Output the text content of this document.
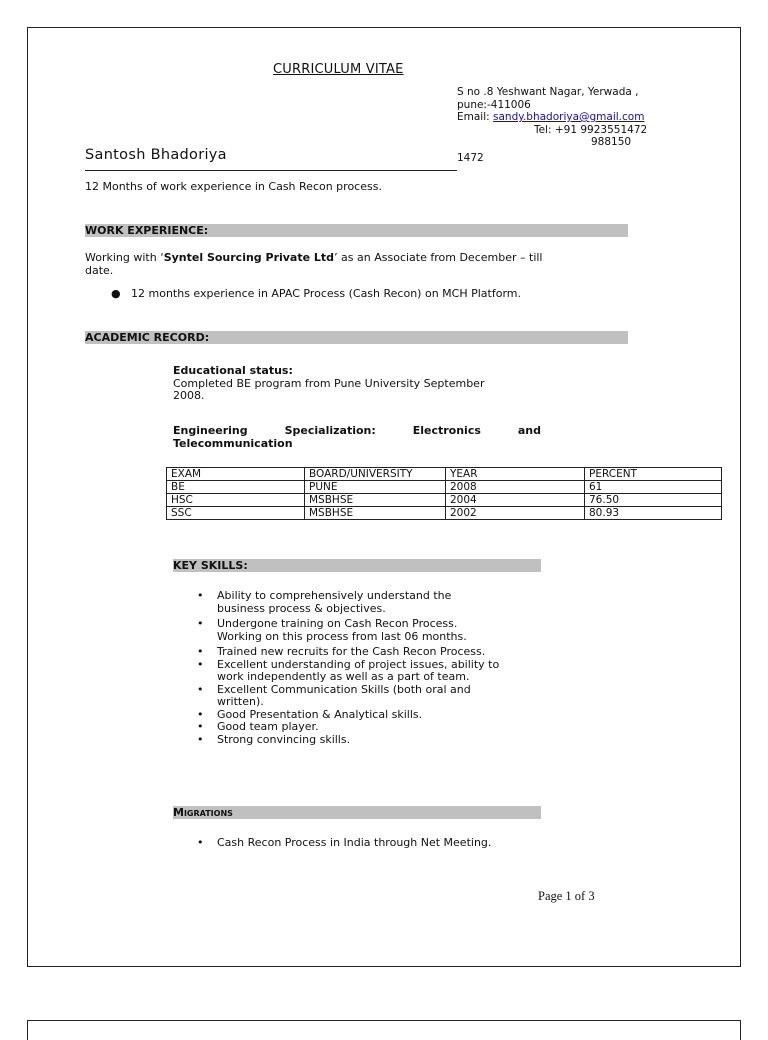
CURRICULUM VITAE
S no .8 Yeshwant Nagar, Yerwada ,
pune:-411006
Email: sandy.bhadoriya@gmail.com
Tel: +91 9923551472
988150
Santosh Bhadoriya	1472
12 Months of work experience in Cash Recon process.
WORK EXPERIENCE:
Working with ‘Syntel Sourcing Private Ltd’ as an Associate from December – till
date.
● 12 months experience in APAC Process (Cash Recon) on MCH Platform.
ACADEMIC RECORD:
Educational status:
Completed BE program from Pune University September
2008.
Engineering	Specialization:	Electronics	and
Telecommunication
EXAM	BOARD/UNIVERSITY	YEAR	PERCENT
BE	PUNE	2008	61
HSC	MSBHSE	2004	76.50
SSC	MSBHSE	2002	80.93
KEY SKILLS:
• Ability to comprehensively understand the
business process & objectives.
• Undergone training on Cash Recon Process.
Working on this process from last 06 months.
• Trained new recruits for the Cash Recon Process.
• Excellent understanding of project issues, ability to
work independently as well as a part of team.
• Excellent Communication Skills (both oral and
written).
• Good Presentation & Analytical skills.
• Good team player.
• Strong convincing skills.
Migrations
• Cash Recon Process in India through Net Meeting.
Page 1 of 3
